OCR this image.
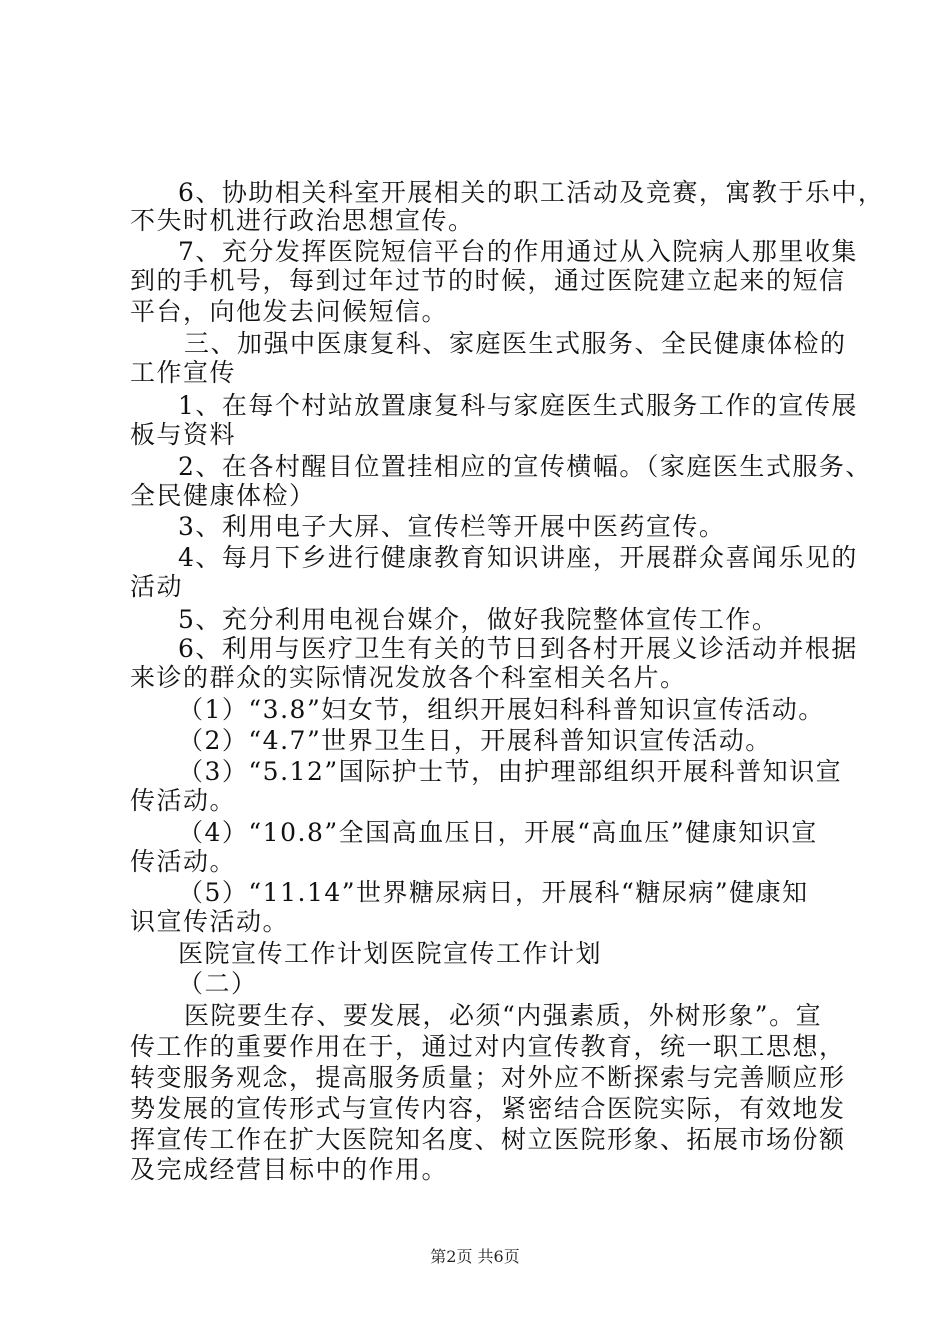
6、协助相关科室开展相关的职工活动及竞赛，寓教于乐中，
不失时机进行政治思想宣传。
7、充分发挥医院短信平台的作用通过从入院病人那里收集
到的手机号，每到过年过节的时候，通过医院建立起来的短信
平台，向他发去问候短信。
三、加强中医康复科、家庭医生式服务、全民健康体检的
工作宣传
1、在每个村站放置康复科与家庭医生式服务工作的宣传展
板与资料
2、在各村醒目位置挂相应的宣传横幅。（家庭医生式服务、
全民健康体检）
3、利用电子大屏、宣传栏等开展中医药宣传。
4、每月下乡进行健康教育知识讲座，开展群众喜闻乐见的
活动
5、充分利用电视台媒介，做好我院整体宣传工作。
6、利用与医疗卫生有关的节日到各村开展义诊活动并根据
来诊的群众的实际情况发放各个科室相关名片。
（1）“3.8”妇女节，组织开展妇科科普知识宣传活动。
（2）“4.7”世界卫生日，开展科普知识宣传活动。
（3）“5.12”国际护士节，由护理部组织开展科普知识宣
传活动。
（4）“10.8”全国高血压日，开展“高血压”健康知识宣
传活动。
（5）“11.14”世界糖尿病日，开展科“糖尿病”健康知
识宣传活动。
医院宣传工作计划医院宣传工作计划
（二）
医院要生存、要发展，必须“内强素质，外树形象”。宣
传工作的重要作用在于，通过对内宣传教育，统一职工思想，
转变服务观念，提高服务质量；对外应不断探索与完善顺应形
势发展的宣传形式与宣传内容，紧密结合医院实际，有效地发
挥宣传工作在扩大医院知名度、树立医院形象、拓展市场份额
及完成经营目标中的作用。
第2页 共6页
